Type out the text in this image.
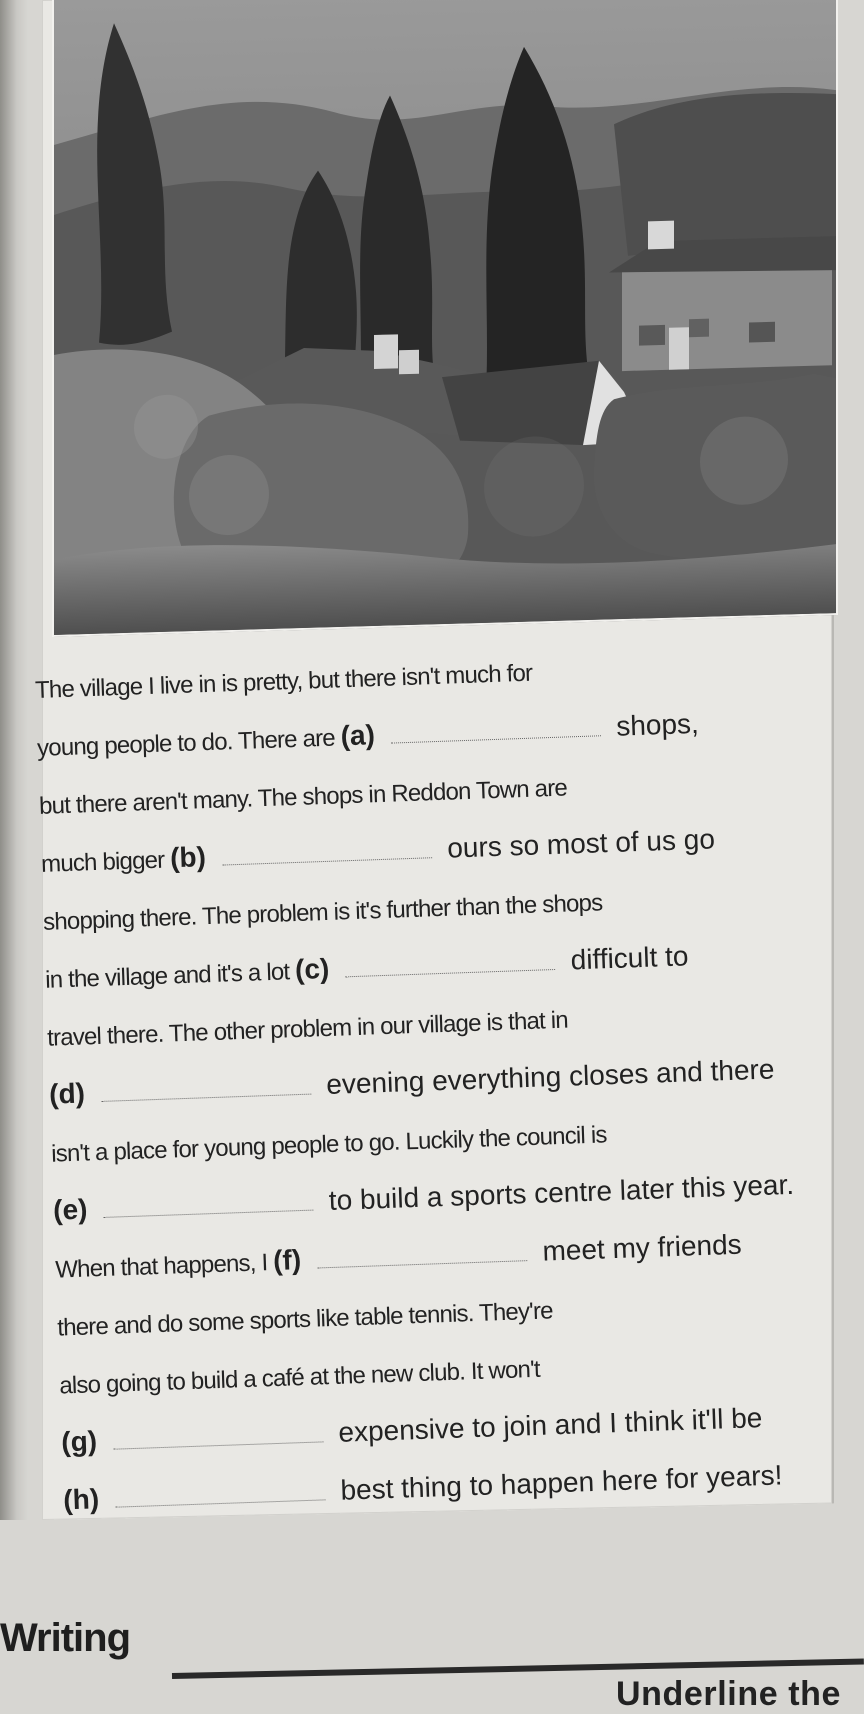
The village I live in is pretty, but there isn't much for
young people to do. There are (a)	shops,
but there aren't many. The shops in Reddon Town are
much bigger (b)	ours so most of us go
shopping there. The problem is it's further than the shops
in the village and it's a lot (c)	difficult to
travel there. The other problem in our village is that in
(d)	evening everything closes and there
isn't a place for young people to go. Luckily the council is
(e)	to build a sports centre later this year.
When that happens, I (f)	meet my friends
there and do some sports like table tennis. They're
also going to build a café at the new club. It won't
(g)	expensive to join and I think it'll be
(h)	best thing to happen here for years!
Writing
Underline the
